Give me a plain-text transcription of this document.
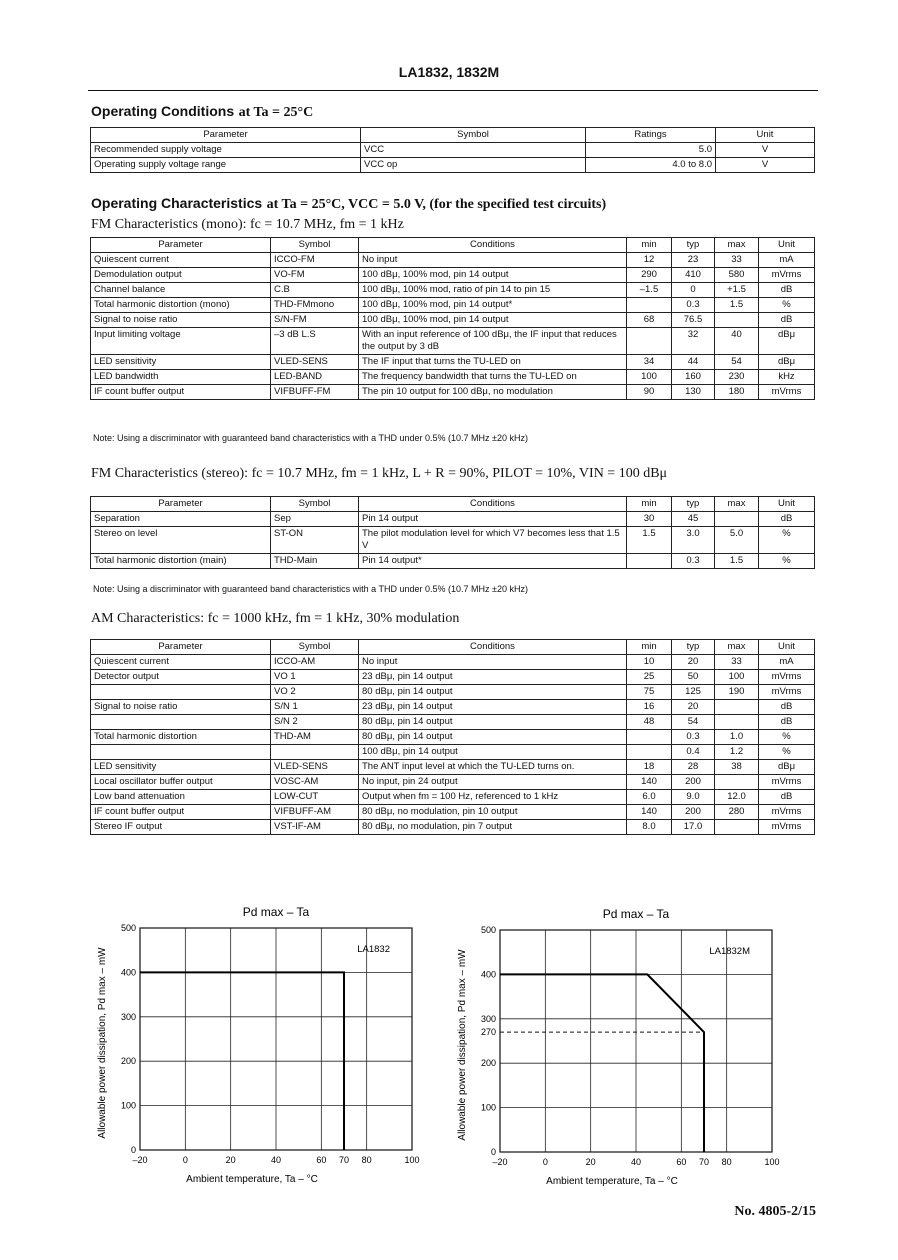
LA1832, 1832M
Operating Conditions at Ta = 25°C
Parameter	Symbol	Ratings	Unit
Recommended supply voltage	VCC	5.0	V
Operating supply voltage range	VCC op	4.0 to 8.0	V
Operating Characteristics at Ta = 25°C, VCC = 5.0 V, (for the specified test circuits)
FM Characteristics (mono): fc = 10.7 MHz, fm = 1 kHz
Parameter	Symbol	Conditions	min	typ	max	Unit
Quiescent current	ICCO-FM	No input	12	23	33	mA
Demodulation output	VO-FM	100 dBμ, 100% mod, pin 14 output	290	410	580	mVrms
Channel balance	C.B	100 dBμ, 100% mod, ratio of pin 14 to pin 15	–1.5	0	+1.5	dB
Total harmonic distortion (mono)	THD-FMmono	100 dBμ, 100% mod, pin 14 output*		0.3	1.5	%
Signal to noise ratio	S/N-FM	100 dBμ, 100% mod, pin 14 output	68	76.5		dB
Input limiting voltage	–3 dB L.S	With an input reference of 100 dBμ, the IF input that reduces the output by 3 dB		32	40	dBμ
LED sensitivity	VLED-SENS	The IF input that turns the TU-LED on	34	44	54	dBμ
LED bandwidth	LED-BAND	The frequency bandwidth that turns the TU-LED on	100	160	230	kHz
IF count buffer output	VIFBUFF-FM	The pin 10 output for 100 dBμ, no modulation	90	130	180	mVrms
Note: Using a discriminator with guaranteed band characteristics with a THD under 0.5% (10.7 MHz ±20 kHz)
FM Characteristics (stereo): fc = 10.7 MHz, fm = 1 kHz, L + R = 90%, PILOT = 10%, VIN = 100 dBμ
Parameter	Symbol	Conditions	min	typ	max	Unit
Separation	Sep	Pin 14 output	30	45		dB
Stereo on level	ST-ON	The pilot modulation level for which V7 becomes less that 1.5 V	1.5	3.0	5.0	%
Total harmonic distortion (main)	THD-Main	Pin 14 output*		0.3	1.5	%
Note: Using a discriminator with guaranteed band characteristics with a THD under 0.5% (10.7 MHz ±20 kHz)
AM Characteristics: fc = 1000 kHz, fm = 1 kHz, 30% modulation
Parameter	Symbol	Conditions	min	typ	max	Unit
Quiescent current	ICCO-AM	No input	10	20	33	mA
Detector output	VO 1	23 dBμ, pin 14 output	25	50	100	mVrms
	VO 2	80 dBμ, pin 14 output	75	125	190	mVrms
Signal to noise ratio	S/N 1	23 dBμ, pin 14 output	16	20		dB
	S/N 2	80 dBμ, pin 14 output	48	54		dB
Total harmonic distortion	THD-AM	80 dBμ, pin 14 output		0.3	1.0	%
		100 dBμ, pin 14 output		0.4	1.2	%
LED sensitivity	VLED-SENS	The ANT input level at which the TU-LED turns on.	18	28	38	dBμ
Local oscillator buffer output	VOSC-AM	No input, pin 24 output	140	200		mVrms
Low band attenuation	LOW-CUT	Output when fm = 100 Hz, referenced to 1 kHz	6.0	9.0	12.0	dB
IF count buffer output	VIFBUFF-AM	80 dBμ, no modulation, pin 10 output	140	200	280	mVrms
Stereo IF output	VST-IF-AM	80 dBμ, no modulation, pin 7 output	8.0	17.0		mVrms
Pd max – Ta
–20	0	20	40	60 70 80	100
0
100
200
300
400
500
LA1832
Ambient temperature, Ta – °C
Allowable power dissipation, Pd max – mW
Pd max – Ta
–20	0	20	40	60 70 80	100
0
100
200
270
300
400
500
LA1832M
Ambient temperature, Ta – °C
Allowable power dissipation, Pd max – mW
No. 4805-2/15
